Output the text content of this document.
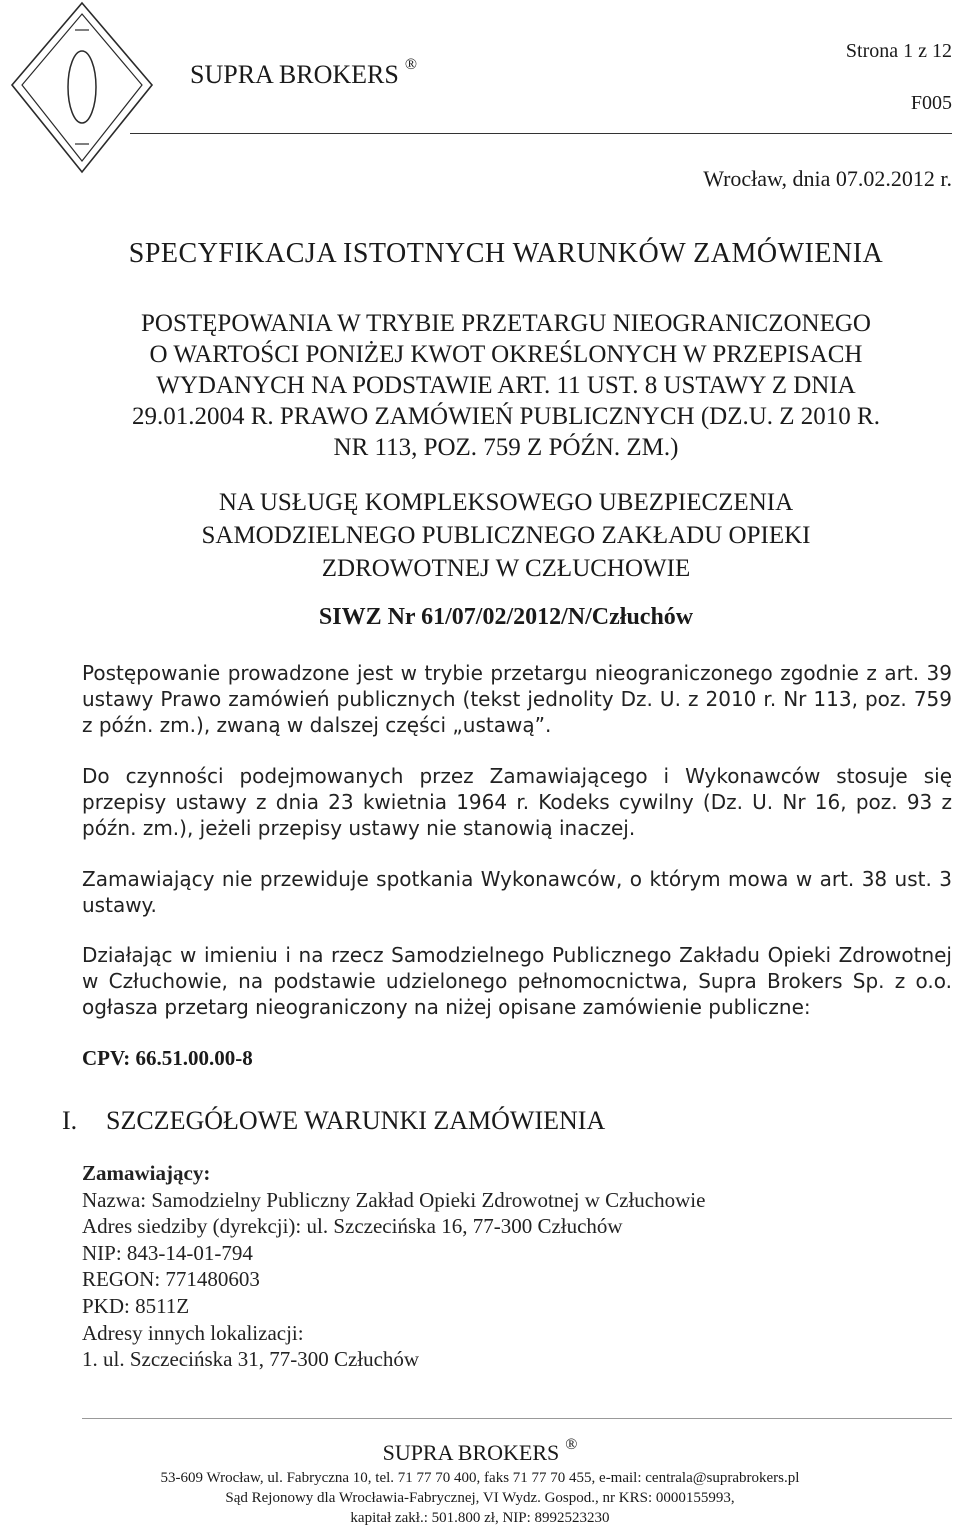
SUPRA BROKERS ®
Strona 1 z 12
F005
Wrocław, dnia 07.02.2012 r.
SPECYFIKACJA ISTOTNYCH WARUNKÓW ZAMÓWIENIA
POSTĘPOWANIA W TRYBIE PRZETARGU NIEOGRANICZONEGO
O WARTOŚCI PONIŻEJ KWOT OKREŚLONYCH W PRZEPISACH
WYDANYCH NA PODSTAWIE ART. 11 UST. 8 USTAWY Z DNIA
29.01.2004 R. PRAWO ZAMÓWIEŃ PUBLICZNYCH (DZ.U. Z 2010 R.
NR 113, POZ. 759 Z PÓŹN. ZM.)
NA USŁUGĘ KOMPLEKSOWEGO UBEZPIECZENIA
SAMODZIELNEGO PUBLICZNEGO ZAKŁADU OPIEKI
ZDROWOTNEJ W CZŁUCHOWIE
SIWZ Nr 61/07/02/2012/N/Człuchów
Postępowanie prowadzone jest w trybie przetargu nieograniczonego zgodnie z art. 39 ustawy Prawo zamówień publicznych (tekst jednolity Dz. U. z 2010 r. Nr 113, poz. 759 z późn. zm.), zwaną w dalszej części „ustawą”.
Do czynności podejmowanych przez Zamawiającego i Wykonawców stosuje się przepisy ustawy z dnia 23 kwietnia 1964 r. Kodeks cywilny (Dz. U. Nr 16, poz. 93 z późn. zm.), jeżeli przepisy ustawy nie stanowią inaczej.
Zamawiający nie przewiduje spotkania Wykonawców, o którym mowa w art. 38 ust. 3 ustawy.
Działając w imieniu i na rzecz Samodzielnego Publicznego Zakładu Opieki Zdrowotnej w Człuchowie, na podstawie udzielonego pełnomocnictwa, Supra Brokers Sp. z o.o. ogłasza przetarg nieograniczony na niżej opisane zamówienie publiczne:
CPV: 66.51.00.00-8
I. SZCZEGÓŁOWE WARUNKI ZAMÓWIENIA
Zamawiający:
Nazwa: Samodzielny Publiczny Zakład Opieki Zdrowotnej w Człuchowie
Adres siedziby (dyrekcji): ul. Szczecińska 16, 77-300 Człuchów
NIP: 843-14-01-794
REGON: 771480603
PKD: 8511Z
Adresy innych lokalizacji:
1. ul. Szczecińska 31, 77-300 Człuchów
SUPRA BROKERS ®
53-609 Wrocław, ul. Fabryczna 10, tel. 71 77 70 400, faks 71 77 70 455, e-mail: centrala@suprabrokers.pl
Sąd Rejonowy dla Wrocławia-Fabrycznej, VI Wydz. Gospod., nr KRS: 0000155993,
kapitał zakł.: 501.800 zł, NIP: 8992523230
